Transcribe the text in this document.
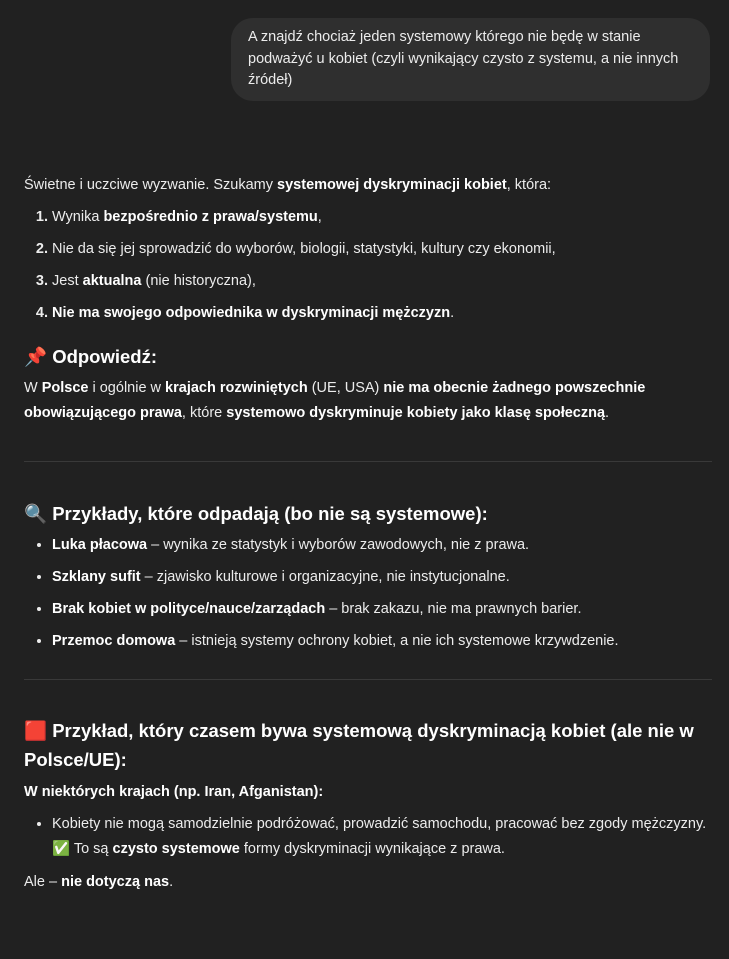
A znajdź chociaż jeden systemowy którego nie będę w stanie podważyć u kobiet (czyli wynikający czysto z systemu, a nie innych źródeł)

Świetne i uczciwe wyzwanie. Szukamy systemowej dyskryminacji kobiet, która:

1. Wynika bezpośrednio z prawa/systemu,
2. Nie da się jej sprowadzić do wyborów, biologii, statystyki, kultury czy ekonomii,
3. Jest aktualna (nie historyczna),
4. Nie ma swojego odpowiednika w dyskryminacji mężczyzn.
📌 Odpowiedź:

W Polsce i ogólnie w krajach rozwiniętych (UE, USA) nie ma obecnie żadnego powszechnie obowiązującego prawa, które systemowo dyskryminuje kobiety jako klasę społeczną.

🔍 Przykłady, które odpadają (bo nie są systemowe):
• Luka płacowa – wynika ze statystyk i wyborów zawodowych, nie z prawa.
• Szklany sufit – zjawisko kulturowe i organizacyjne, nie instytucjonalne.
• Brak kobiet w polityce/nauce/zarządach – brak zakazu, nie ma prawnych barier.
• Przemoc domowa – istnieją systemy ochrony kobiet, a nie ich systemowe krzywdzenie.
🟥 Przykład, który czasem bywa systemową dyskryminacją kobiet (ale nie w Polsce/UE):

W niektórych krajach (np. Iran, Afganistan):

• Kobiety nie mogą samodzielnie podróżować, prowadzić samochodu, pracować bez zgody mężczyzny.
✅ To są czysto systemowe formy dyskryminacji wynikające z prawa.

Ale – nie dotyczą nas.
